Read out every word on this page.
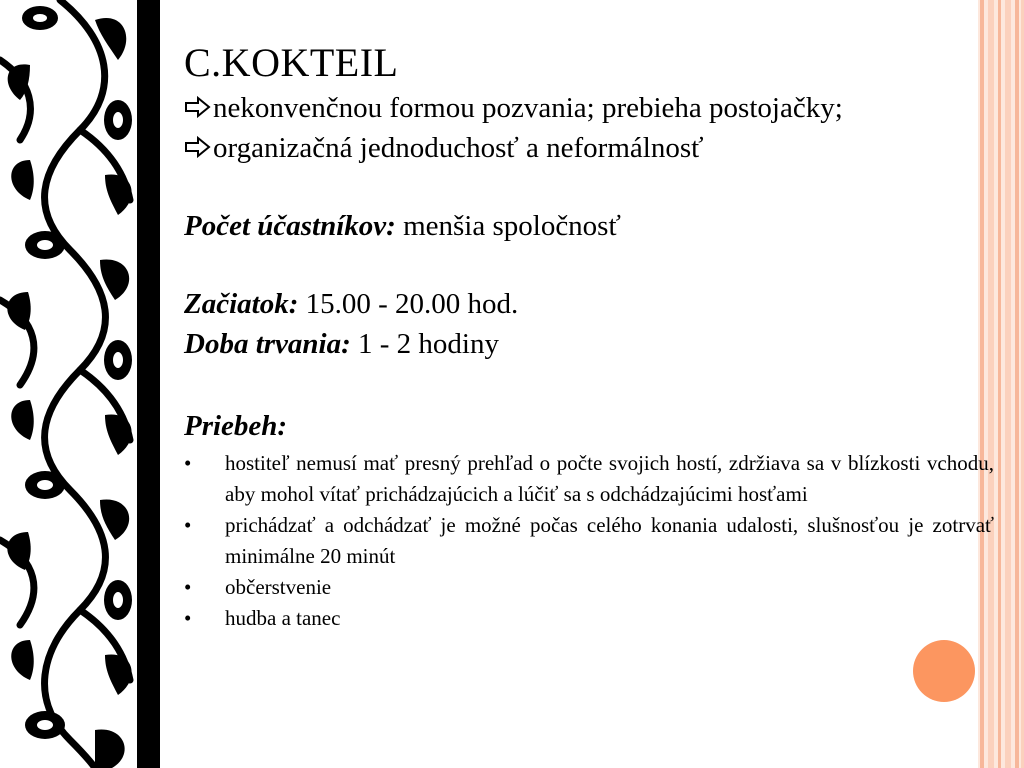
C.KOKTEIL
nekonvenčnou formou pozvania; prebieha postojačky;
organizačná jednoduchosť a neformálnosť
Počet účastníkov: menšia spoločnosť
Začiatok: 15.00 - 20.00 hod.
Doba trvania: 1 - 2 hodiny
Priebeh:
•	hostiteľ nemusí mať presný prehľad o počte svojich hostí, zdržiava sa v blízkosti vchodu, aby mohol vítať prichádzajúcich a lúčiť sa s odchádzajúcimi hosťami
•	prichádzať a odchádzať je možné počas celého konania udalosti, slušnosťou je zotrvať minimálne 20 minút
•	občerstvenie
•	hudba a tanec
